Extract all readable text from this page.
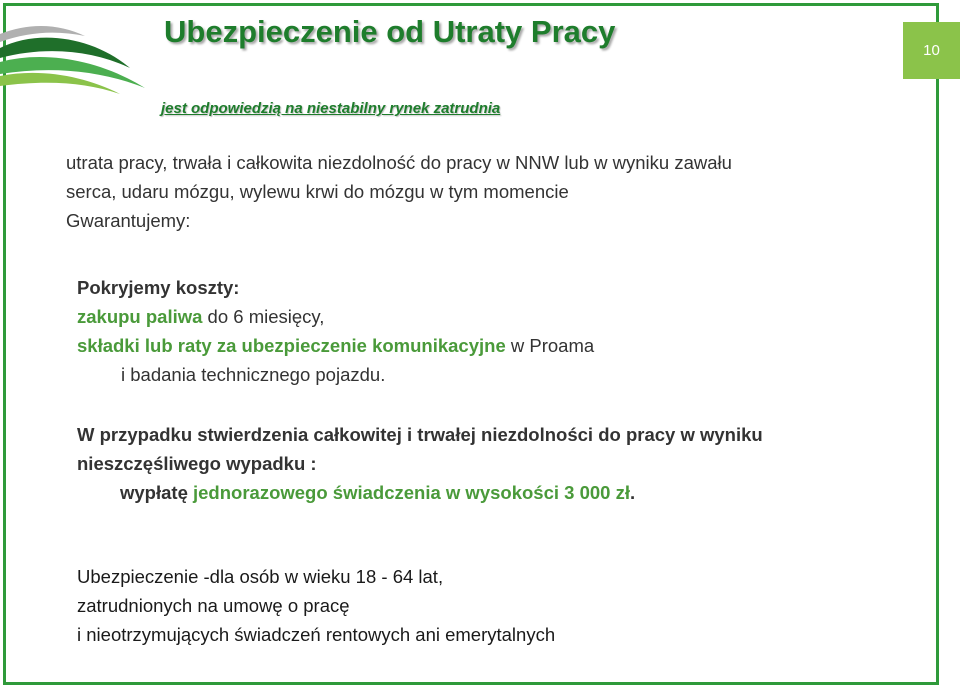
Ubezpieczenie od Utraty Pracy
10
jest odpowiedzią na niestabilny rynek zatrudnia
utrata pracy, trwała i całkowita niezdolność do pracy w NNW lub w wyniku zawału
serca, udaru mózgu, wylewu krwi do mózgu w tym momencie
Gwarantujemy:
Pokryjemy koszty:
zakupu paliwa do 6 miesięcy,
składki lub raty za ubezpieczenie komunikacyjne w Proama
i badania technicznego pojazdu.
W przypadku stwierdzenia całkowitej i trwałej niezdolności do pracy w wyniku
nieszczęśliwego wypadku :
wypłatę jednorazowego świadczenia w wysokości 3 000 zł.
Ubezpieczenie -dla osób w wieku 18 - 64 lat,
zatrudnionych na umowę o pracę
i nieotrzymujących świadczeń rentowych ani emerytalnych
